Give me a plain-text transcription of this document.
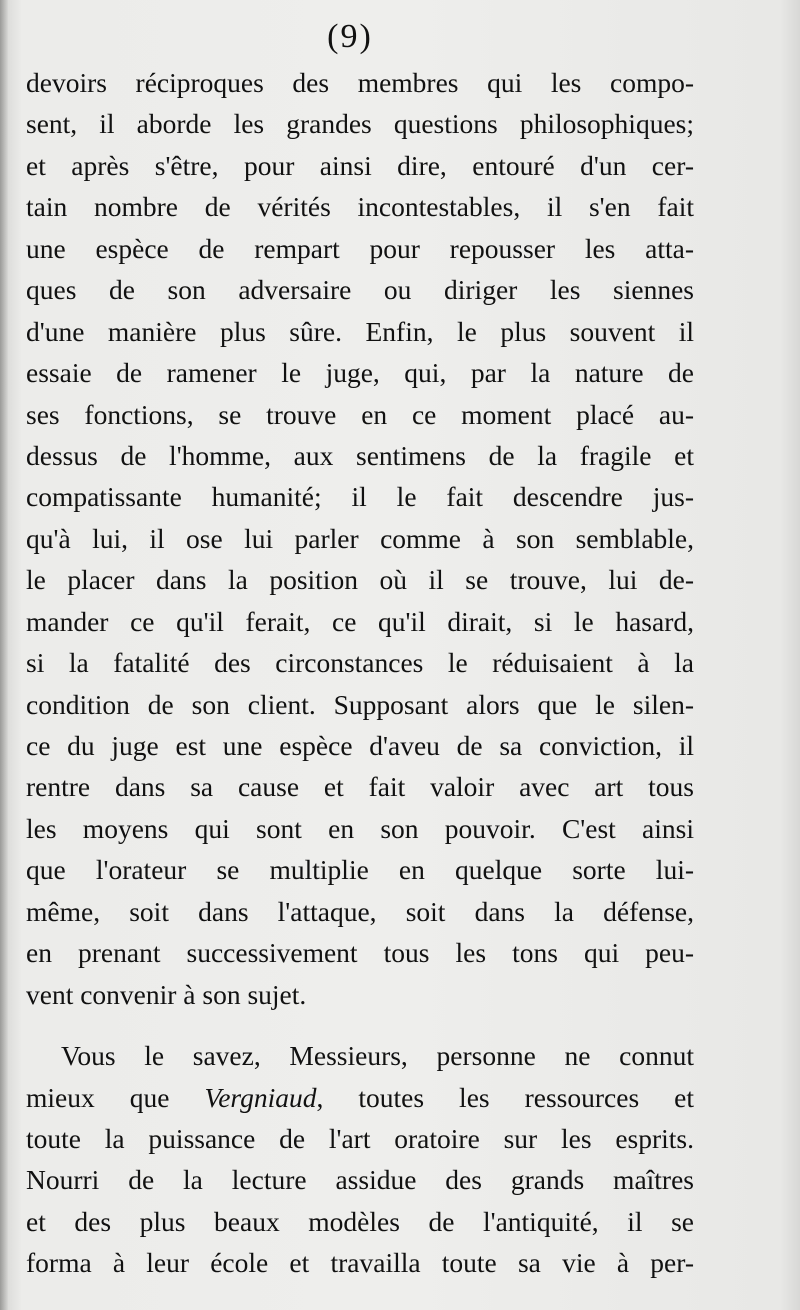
(9)
devoirs réciproques des membres qui les compo-
sent, il aborde les grandes questions philosophiques;
et après s'être, pour ainsi dire, entouré d'un cer-
tain nombre de vérités incontestables, il s'en fait
une espèce de rempart pour repousser les atta-
ques de son adversaire ou diriger les siennes
d'une manière plus sûre. Enfin, le plus souvent il
essaie de ramener le juge, qui, par la nature de
ses fonctions, se trouve en ce moment placé au-
dessus de l'homme, aux sentimens de la fragile et
compatissante humanité; il le fait descendre jus-
qu'à lui, il ose lui parler comme à son semblable,
le placer dans la position où il se trouve, lui de-
mander ce qu'il ferait, ce qu'il dirait, si le hasard,
si la fatalité des circonstances le réduisaient à la
condition de son client. Supposant alors que le silen-
ce du juge est une espèce d'aveu de sa conviction, il
rentre dans sa cause et fait valoir avec art tous
les moyens qui sont en son pouvoir. C'est ainsi
que l'orateur se multiplie en quelque sorte lui-
même, soit dans l'attaque, soit dans la défense,
en prenant successivement tous les tons qui peu-
vent convenir à son sujet.
Vous le savez, Messieurs, personne ne connut
mieux que Vergniaud, toutes les ressources et
toute la puissance de l'art oratoire sur les esprits.
Nourri de la lecture assidue des grands maîtres
et des plus beaux modèles de l'antiquité, il se
forma à leur école et travailla toute sa vie à per-
